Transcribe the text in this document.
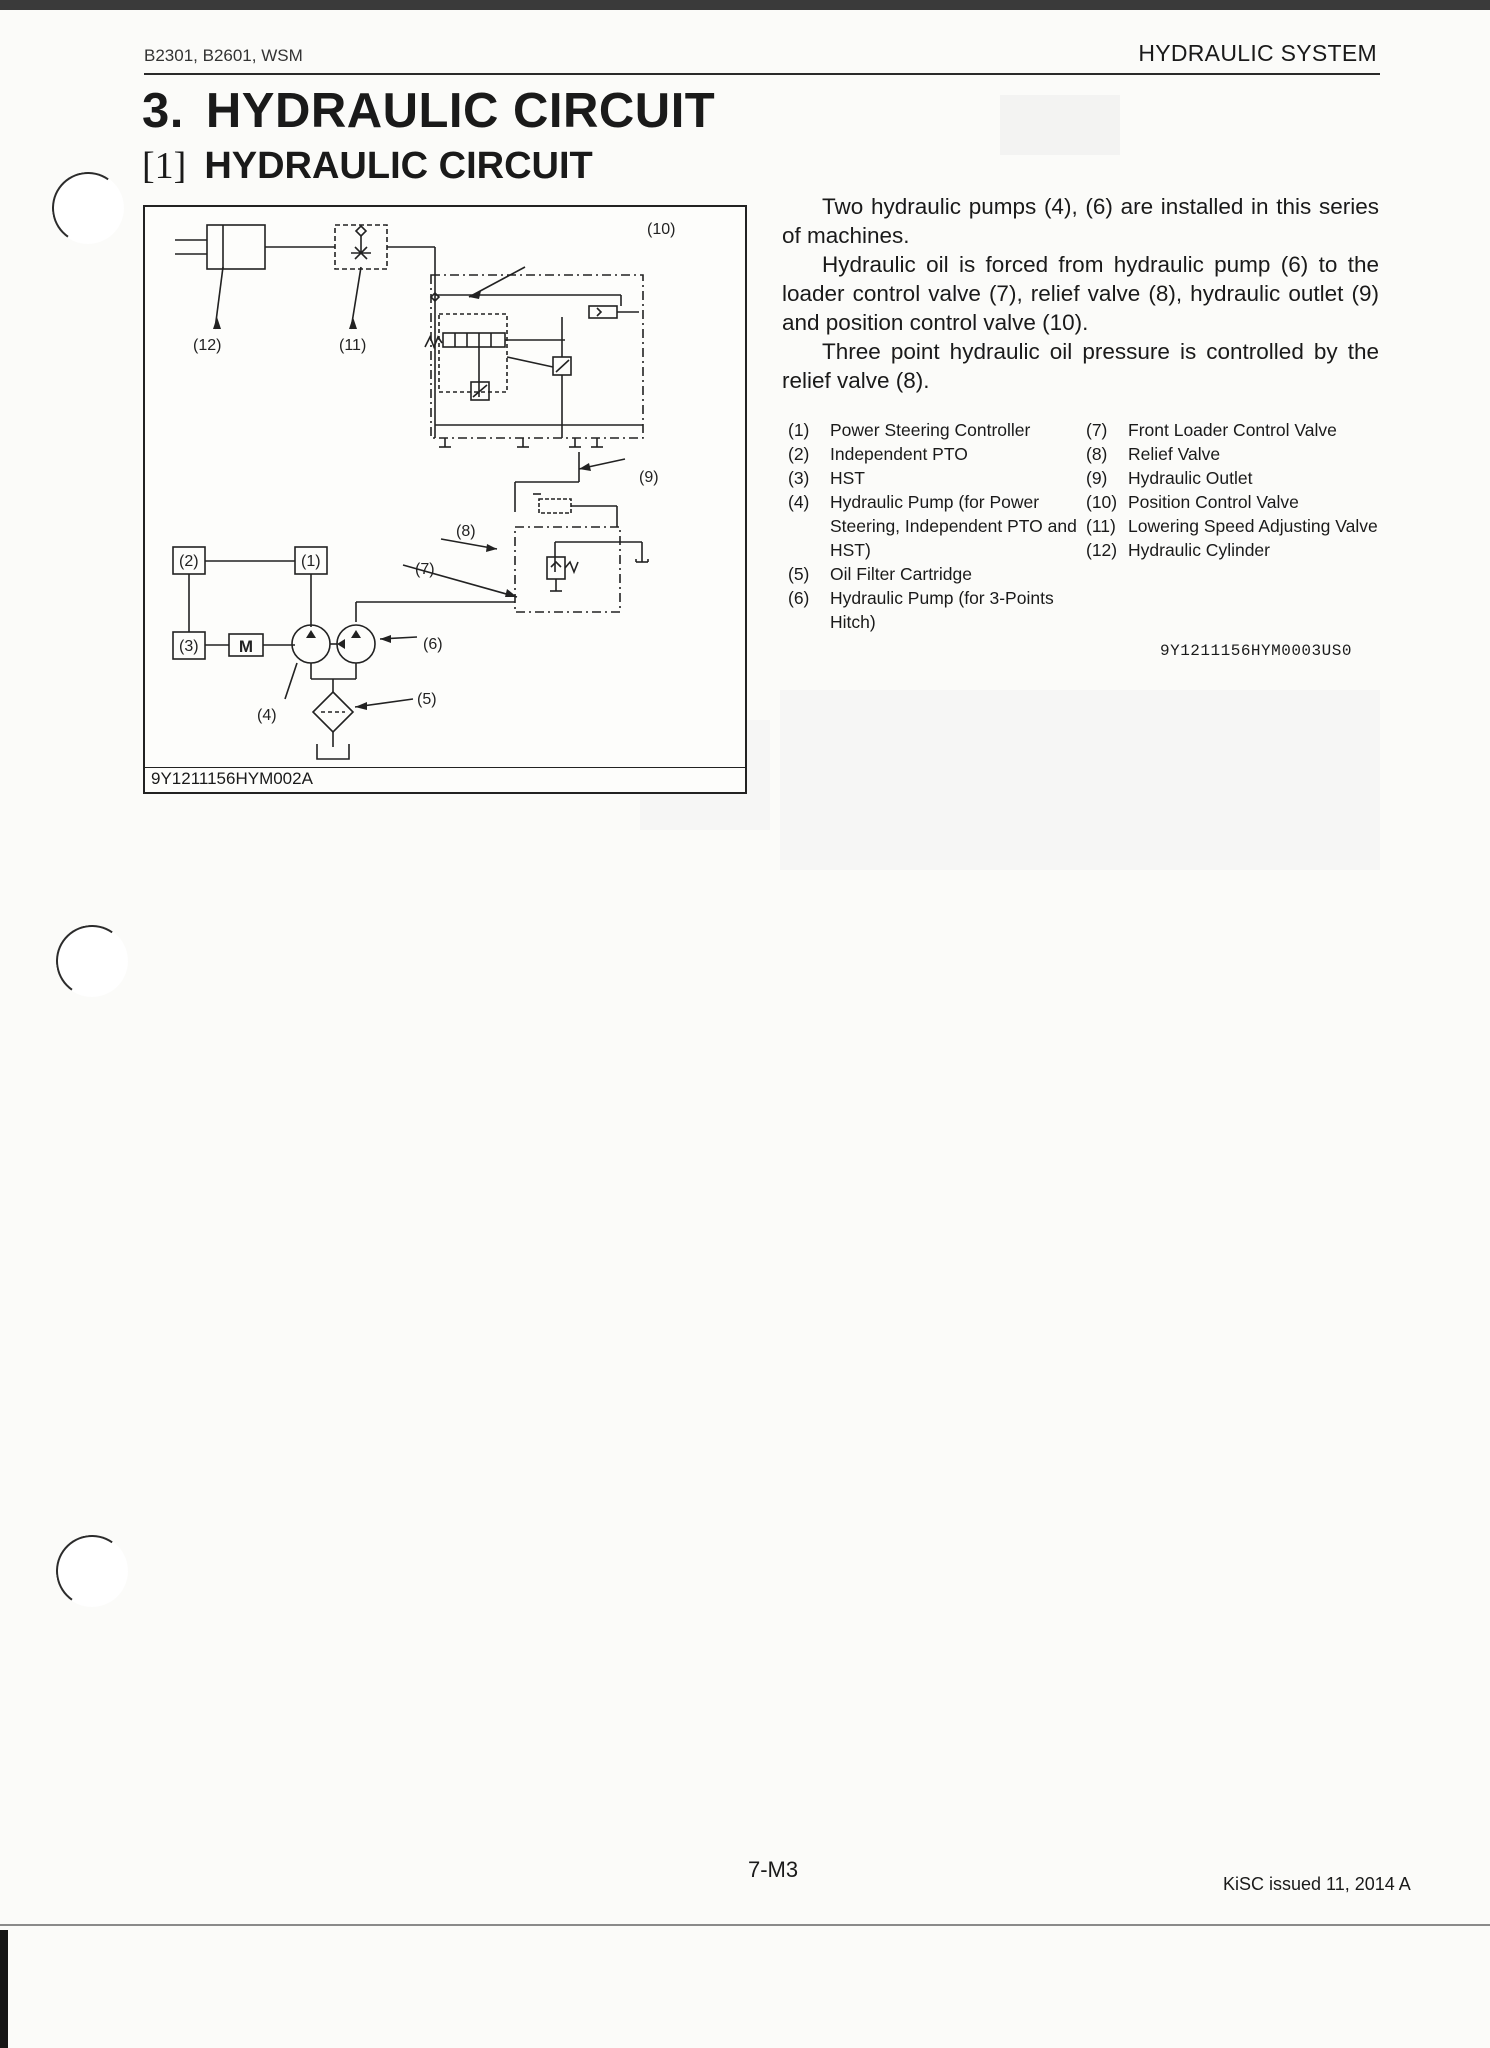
B2301, B2601, WSM	HYDRAULIC SYSTEM
3. HYDRAULIC CIRCUIT
[1] HYDRAULIC CIRCUIT
(12)	(11)
(10)
(9)
(8)
(7)
(2)	(1)
(3)	(6)
(5)
(4)
M
9Y1211156HYM002A

Two hydraulic pumps (4), (6) are installed in this series of machines.

Hydraulic oil is forced from hydraulic pump (6) to the loader control valve (7), relief valve (8), hydraulic outlet (9) and position control valve (10).

Three point hydraulic oil pressure is controlled by the relief valve (8).

(1)	Power Steering Controller
(2)	Independent PTO
(3)	HST
(4)	Hydraulic Pump (for Power Steering, Independent PTO and HST)
(5)	Oil Filter Cartridge
(6)	Hydraulic Pump (for 3-Points Hitch)
(7)	Front Loader Control Valve
(8)	Relief Valve
(9)	Hydraulic Outlet
(10) Position Control Valve
(11) Lowering Speed Adjusting Valve
(12) Hydraulic Cylinder
9Y1211156HYM0003US0
7-M3
KiSC issued 11, 2014 A
